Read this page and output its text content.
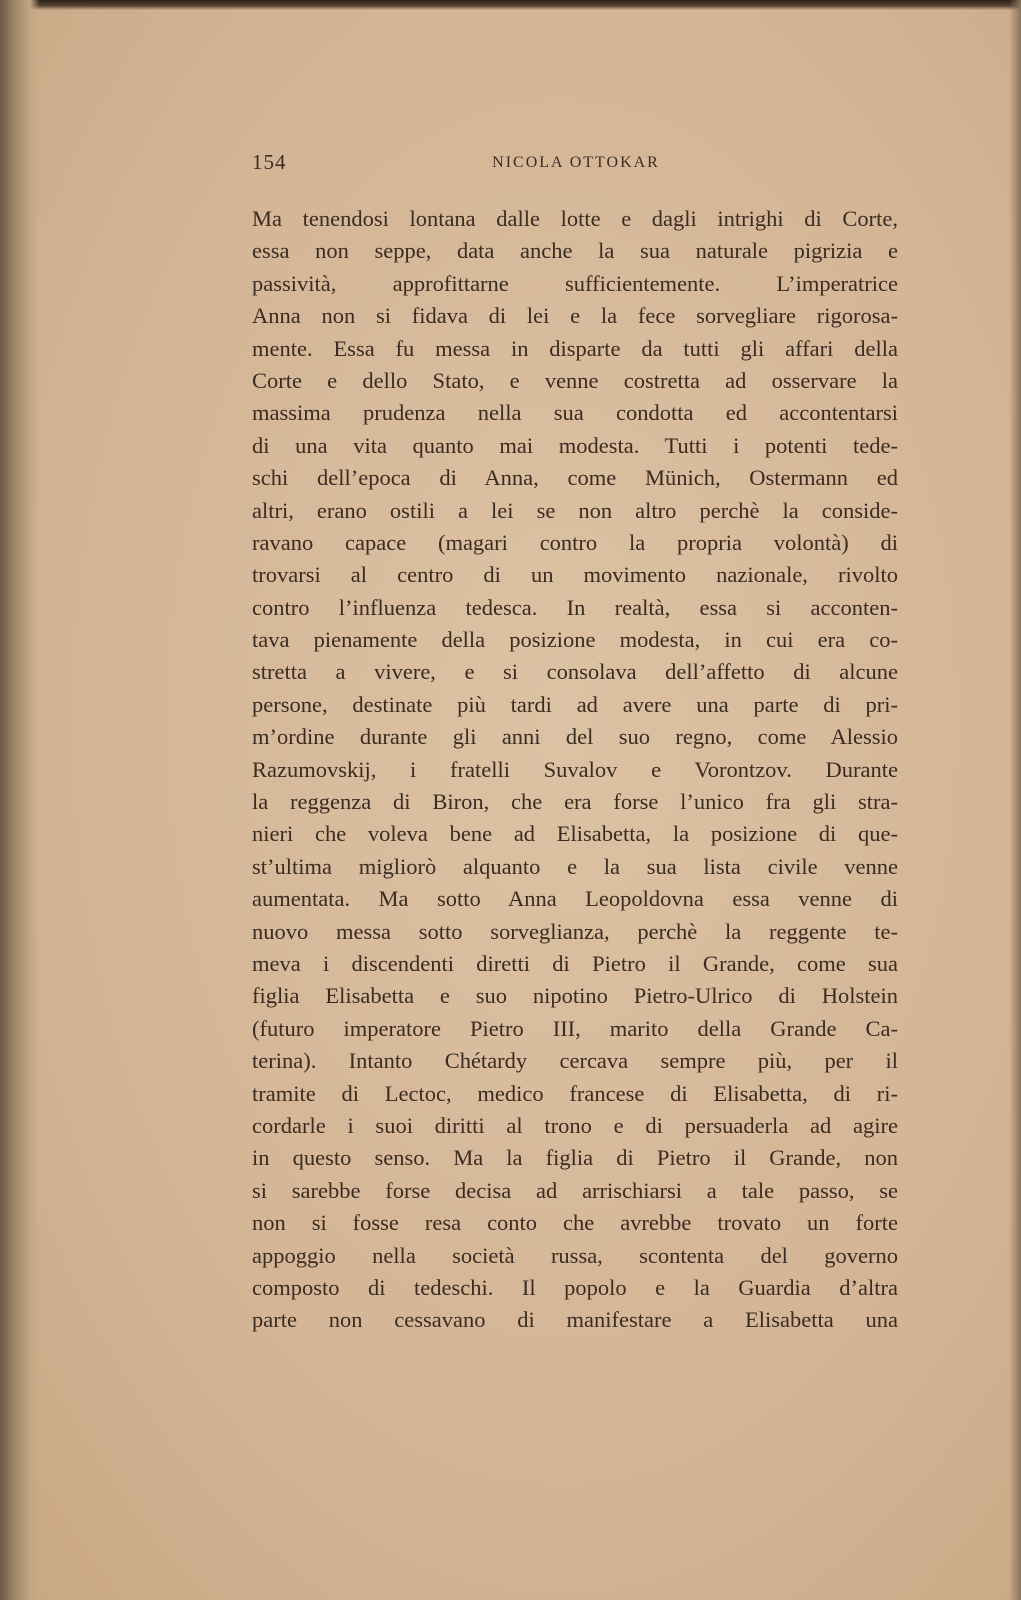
154	NICOLA OTTOKAR
Ma tenendosi lontana dalle lotte e dagli intrighi di Corte,
essa non seppe, data anche la sua naturale pigrizia e
passività, approfittarne sufficientemente. L’imperatrice
Anna non si fidava di lei e la fece sorvegliare rigorosa-
mente. Essa fu messa in disparte da tutti gli affari della
Corte e dello Stato, e venne costretta ad osservare la
massima prudenza nella sua condotta ed accontentarsi
di una vita quanto mai modesta. Tutti i potenti tede-
schi dell’epoca di Anna, come Münich, Ostermann ed
altri, erano ostili a lei se non altro perchè la conside-
ravano capace (magari contro la propria volontà) di
trovarsi al centro di un movimento nazionale, rivolto
contro l’influenza tedesca. In realtà, essa si acconten-
tava pienamente della posizione modesta, in cui era co-
stretta a vivere, e si consolava dell’affetto di alcune
persone, destinate più tardi ad avere una parte di pri-
m’ordine durante gli anni del suo regno, come Alessio
Razumovskij, i fratelli Suvalov e Vorontzov. Durante
la reggenza di Biron, che era forse l’unico fra gli stra-
nieri che voleva bene ad Elisabetta, la posizione di que-
st’ultima migliorò alquanto e la sua lista civile venne
aumentata. Ma sotto Anna Leopoldovna essa venne di
nuovo messa sotto sorveglianza, perchè la reggente te-
meva i discendenti diretti di Pietro il Grande, come sua
figlia Elisabetta e suo nipotino Pietro-Ulrico di Holstein
(futuro imperatore Pietro III, marito della Grande Ca-
terina). Intanto Chétardy cercava sempre più, per il
tramite di Lectoc, medico francese di Elisabetta, di ri-
cordarle i suoi diritti al trono e di persuaderla ad agire
in questo senso. Ma la figlia di Pietro il Grande, non
si sarebbe forse decisa ad arrischiarsi a tale passo, se
non si fosse resa conto che avrebbe trovato un forte
appoggio nella società russa, scontenta del governo
composto di tedeschi. Il popolo e la Guardia d’altra
parte non cessavano di manifestare a Elisabetta una
